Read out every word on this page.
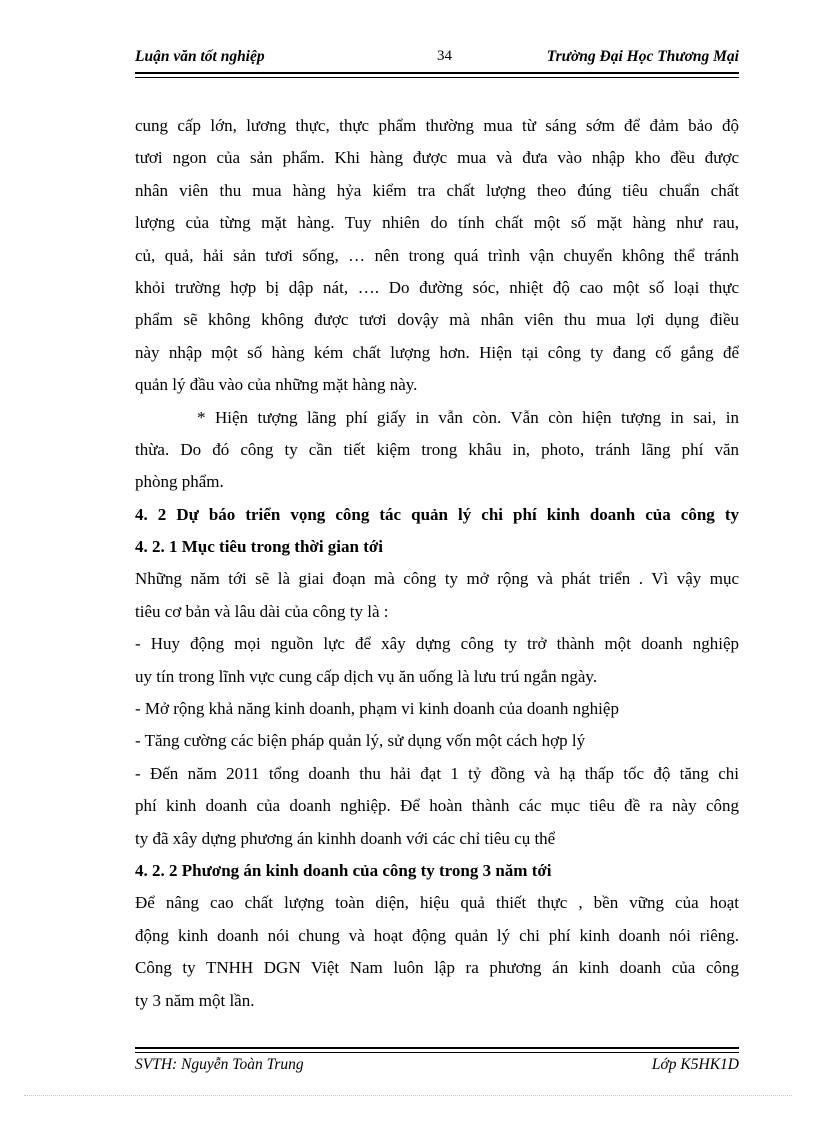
Luận văn tốt nghiệp	34	Trường Đại Học Thương Mại
cung cấp lớn, lương thực, thực phẩm thường mua từ sáng sớm để đảm bảo độ
tươi ngon của sản phẩm. Khi hàng được mua và đưa vào nhập kho đều được
nhân viên thu mua hàng hỷa kiểm tra chất lượng theo đúng tiêu chuẩn chất
lượng của từng mặt hàng. Tuy nhiên do tính chất một số mặt hàng như rau,
củ, quả, hải sản tươi sống, … nên trong quá trình vận chuyển không thể tránh
khỏi trường hợp bị dập nát, …. Do đường sóc, nhiệt độ cao một số loại thực
phẩm sẽ không không được tươi dovậy mà nhân viên thu mua lợi dụng điều
này nhập một số hàng kém chất lượng hơn. Hiện tại công ty đang cố gắng để
quản lý đầu vào của những mặt hàng này.
* Hiện tượng lãng phí giấy in vẫn còn. Vẫn còn hiện tượng in sai, in
thừa. Do đó công ty cần tiết kiệm trong khâu in, photo, tránh lãng phí văn
phòng phẩm.
4. 2 Dự báo triển vọng công tác quản lý chi phí kinh doanh của công ty
4. 2. 1 Mục tiêu trong thời gian tới
Những năm tới sẽ là giai đoạn mà công ty mở rộng và phát triển . Vì vậy mục
tiêu cơ bản và lâu dài của công ty là :
- Huy động mọi nguồn lực để xây dựng công ty trở thành một doanh nghiệp
uy tín trong lĩnh vực cung cấp dịch vụ ăn uống là lưu trú ngắn ngày.
- Mở rộng khả năng kinh doanh, phạm vi kinh doanh của doanh nghiệp
- Tăng cường các biện pháp quản lý, sử dụng vốn một cách hợp lý
- Đến năm 2011 tổng doanh thu hải đạt 1 tỷ đồng và hạ thấp tốc độ tăng chi
phí kinh doanh của doanh nghiệp. Để hoàn thành các mục tiêu đề ra này công
ty đã xây dựng phương án kinhh doanh với các chỉ tiêu cụ thể
4. 2. 2 Phương án kinh doanh của công ty trong 3 năm tới
Để nâng cao chất lượng toàn diện, hiệu quả thiết thực , bền vững của hoạt
động kinh doanh nói chung và hoạt động quản lý chi phí kinh doanh nói riêng.
Công ty TNHH DGN Việt Nam luôn lập ra phương án kinh doanh của công
ty 3 năm một lần.
SVTH: Nguyễn Toàn Trung	Lớp K5HK1D
